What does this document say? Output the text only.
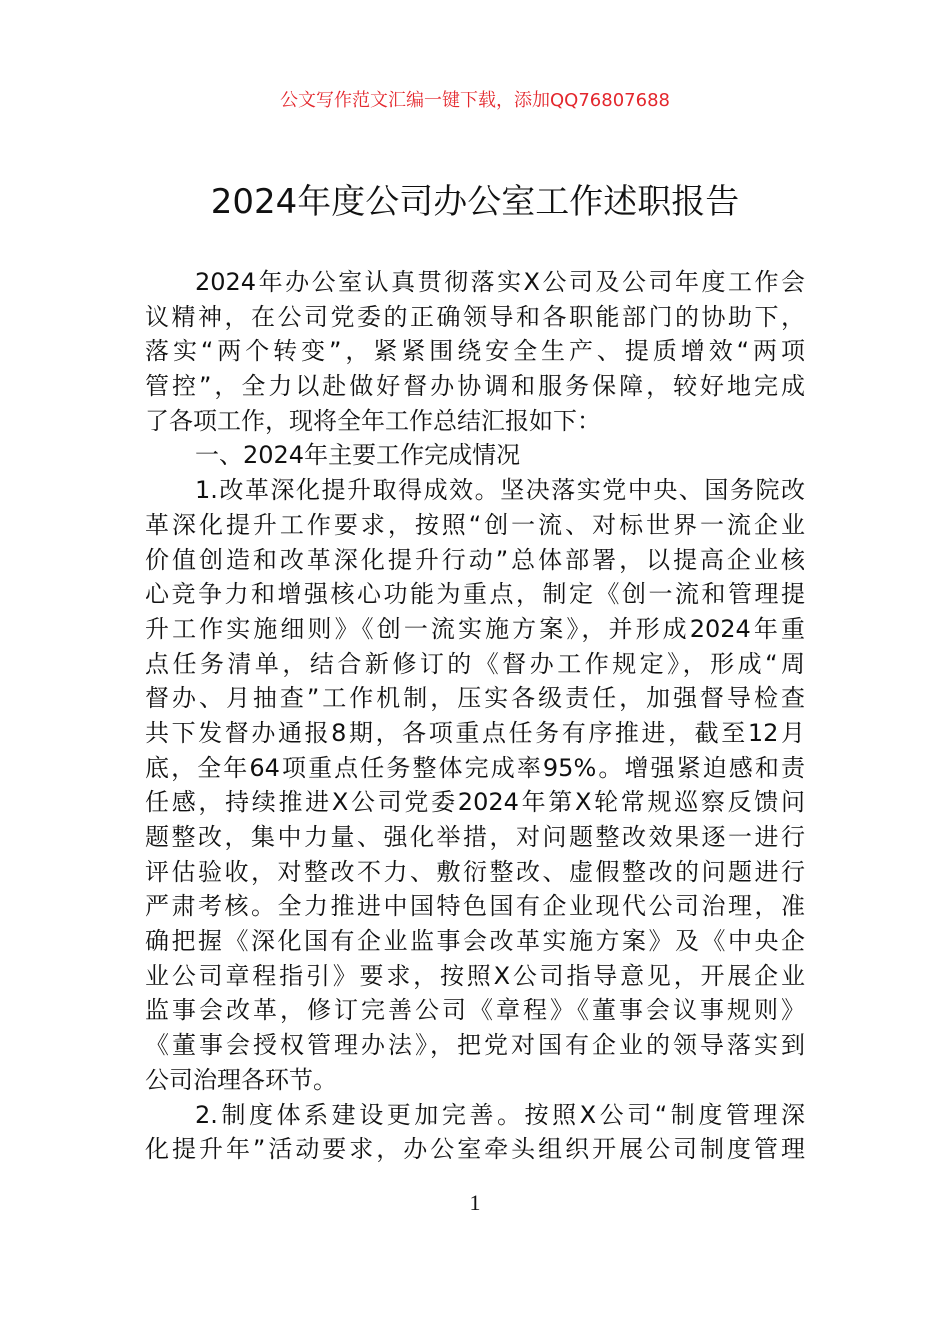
公文写作范文汇编一键下载，添加QQ76807688
2024年度公司办公室工作述职报告
2024年办公室认真贯彻落实X公司及公司年度工作会
议精神，在公司党委的正确领导和各职能部门的协助下，
落实“两个转变”，紧紧围绕安全生产、提质增效“两项
管控”，全力以赴做好督办协调和服务保障，较好地完成
了各项工作，现将全年工作总结汇报如下：
一、2024年主要工作完成情况
1.改革深化提升取得成效。坚决落实党中央、国务院改
革深化提升工作要求，按照“创一流、对标世界一流企业
价值创造和改革深化提升行动”总体部署，以提高企业核
心竞争力和增强核心功能为重点，制定《创一流和管理提
升工作实施细则》《创一流实施方案》，并形成2024年重
点任务清单，结合新修订的《督办工作规定》，形成“周
督办、月抽查”工作机制，压实各级责任，加强督导检查
共下发督办通报8期，各项重点任务有序推进，截至12月
底，全年64项重点任务整体完成率95%。增强紧迫感和责
任感，持续推进X公司党委2024年第X轮常规巡察反馈问
题整改，集中力量、强化举措，对问题整改效果逐一进行
评估验收，对整改不力、敷衍整改、虚假整改的问题进行
严肃考核。全力推进中国特色国有企业现代公司治理，准
确把握《深化国有企业监事会改革实施方案》及《中央企
业公司章程指引》要求，按照X公司指导意见，开展企业
监事会改革，修订完善公司《章程》《董事会议事规则》
《董事会授权管理办法》，把党对国有企业的领导落实到
公司治理各环节。
2.制度体系建设更加完善。按照X公司“制度管理深
化提升年”活动要求，办公室牵头组织开展公司制度管理
1
